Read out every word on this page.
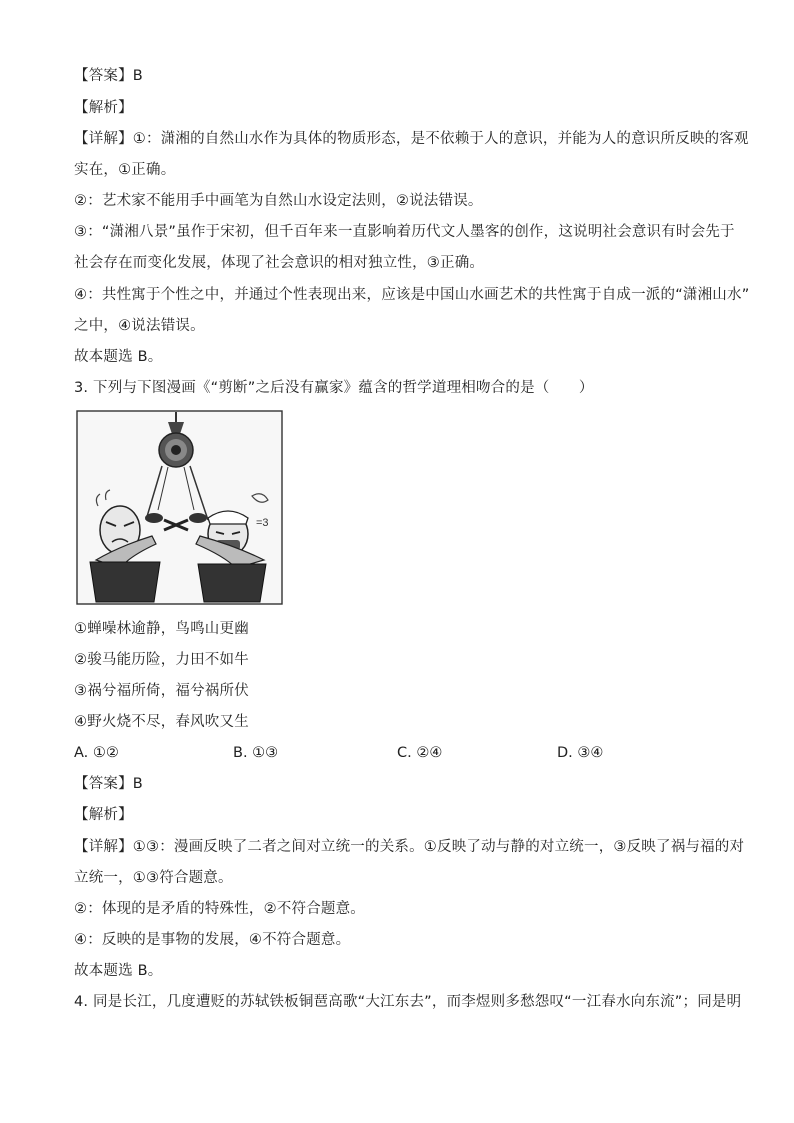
【答案】B
【解析】
【详解】①：潇湘的自然山水作为具体的物质形态，是不依赖于人的意识，并能为人的意识所反映的客观
实在，①正确。
②：艺术家不能用手中画笔为自然山水设定法则，②说法错误。
③：“潇湘八景”虽作于宋初，但千百年来一直影响着历代文人墨客的创作，这说明社会意识有时会先于
社会存在而变化发展，体现了社会意识的相对独立性，③正确。
④：共性寓于个性之中，并通过个性表现出来，应该是中国山水画艺术的共性寓于自成一派的“潇湘山水”
之中，④说法错误。
故本题选 B。
3. 下列与下图漫画《“剪断”之后没有赢家》蕴含的哲学道理相吻合的是（　　）
=3
①蝉噪林逾静，鸟鸣山更幽
②骏马能历险，力田不如牛
③祸兮福所倚，福兮祸所伏
④野火烧不尽，春风吹又生
A. ①②	B. ①③	C. ②④	D. ③④
【答案】B
【解析】
【详解】①③：漫画反映了二者之间对立统一的关系。①反映了动与静的对立统一，③反映了祸与福的对
立统一，①③符合题意。
②：体现的是矛盾的特殊性，②不符合题意。
④：反映的是事物的发展，④不符合题意。
故本题选 B。
4. 同是长江，几度遭贬的苏轼铁板铜琶高歌“大江东去”，而李煜则多愁怨叹“一江春水向东流”；同是明
